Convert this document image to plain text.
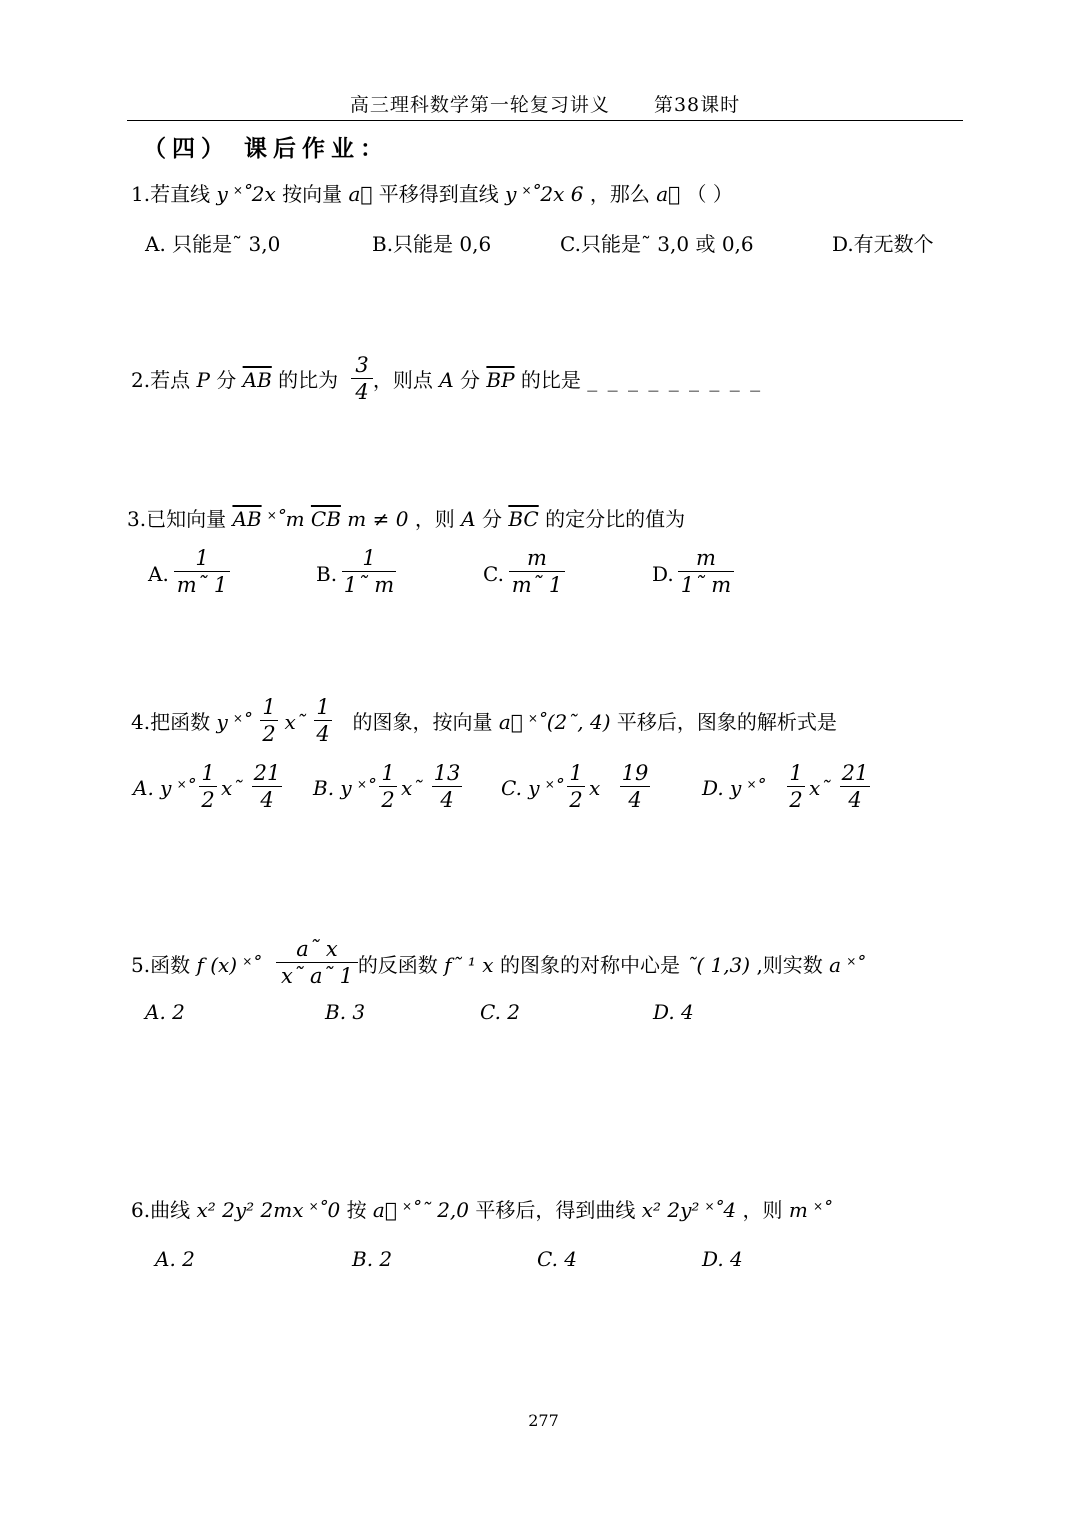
高三理科数学第一轮复习讲义 第38课时
（四） 课后作业：
1.若直线 y ˟˚2x 按向量 a⃗ 平移得到直线 y ˟˚2x 6 ，那么 a⃗ （ ）
A. 只能是˜ 3,0	B.只能是 0,6	C.只能是˜ 3,0 或 0,6	D.有无数个
2.若点 P 分 $\overline{AB}$ 的比为 ，则点 A 分 $\overline{BP}$ 的比是 _ _ _ _ _ _ _ _ _
$\frac{3}{4}$
3.已知向量 $\overline{AB}$ ˟˚m $\overline{CB}$ m ≠ 0 ，则 A 分 $\overline{BC}$ 的定分比的值为
A. $\frac{1}{m˜ 1}$	B. $\frac{1}{1˜ m}$	C. $\frac{m}{m˜ 1}$	D. $\frac{m}{1˜ m}$
4.把函数 y ˟˚ x˜ 的图象，按向量 a⃗ ˟˚(2˜, 4) 平移后，图象的解析式是
$\frac{1}{2} \frac{1}{4}$
A. y ˟˚ $\frac{1}{2}$ x˜ $\frac{21}{4} B$. y ˟˚ $\frac{1}{2}$ x˜ $\frac{13}{4} C$. y ˟˚ $\frac{1}{2}$ x $\frac{19}{4}$	D. y ˟˚ $\frac{1}{2}$ x˜ $\frac{21}{4}$
5.函数 f (x) ˟˚	的反函数 f˜ ¹ x 的图象的对称中心是 ˜( 1,3) ,则实数 a ˟˚
$\frac{a˜ x}{x˜ a˜ 1}$
A. 2	B. 3	C. 2	D. 4
6.曲线 x² 2y² 2mx ˟˚0 按 a⃗ ˟˚˜ 2,0 平移后，得到曲线 x² 2y² ˟˚4 ，则 m ˟˚
A. 2	B. 2	C. 4	D. 4
277
